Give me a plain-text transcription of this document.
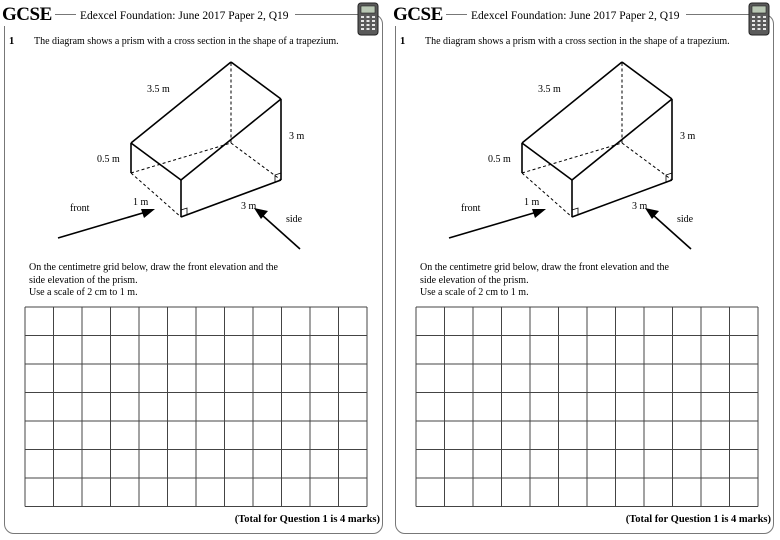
GCSE	Edexcel Foundation: June 2017 Paper 2, Q19
1 The diagram shows a prism with a cross section in the shape of a trapezium.
3.5 m
3 m
0.5 m
1 m	3 m
front
side
On the centimetre grid below, draw the front elevation and the
side elevation of the prism.
Use a scale of 2 cm to 1 m.
(Total for Question 1 is 4 marks)
GCSE	Edexcel Foundation: June 2017 Paper 2, Q19
1 The diagram shows a prism with a cross section in the shape of a trapezium.
3.5 m
3 m
0.5 m
1 m	3 m
front
side
On the centimetre grid below, draw the front elevation and the
side elevation of the prism.
Use a scale of 2 cm to 1 m.
(Total for Question 1 is 4 marks)
